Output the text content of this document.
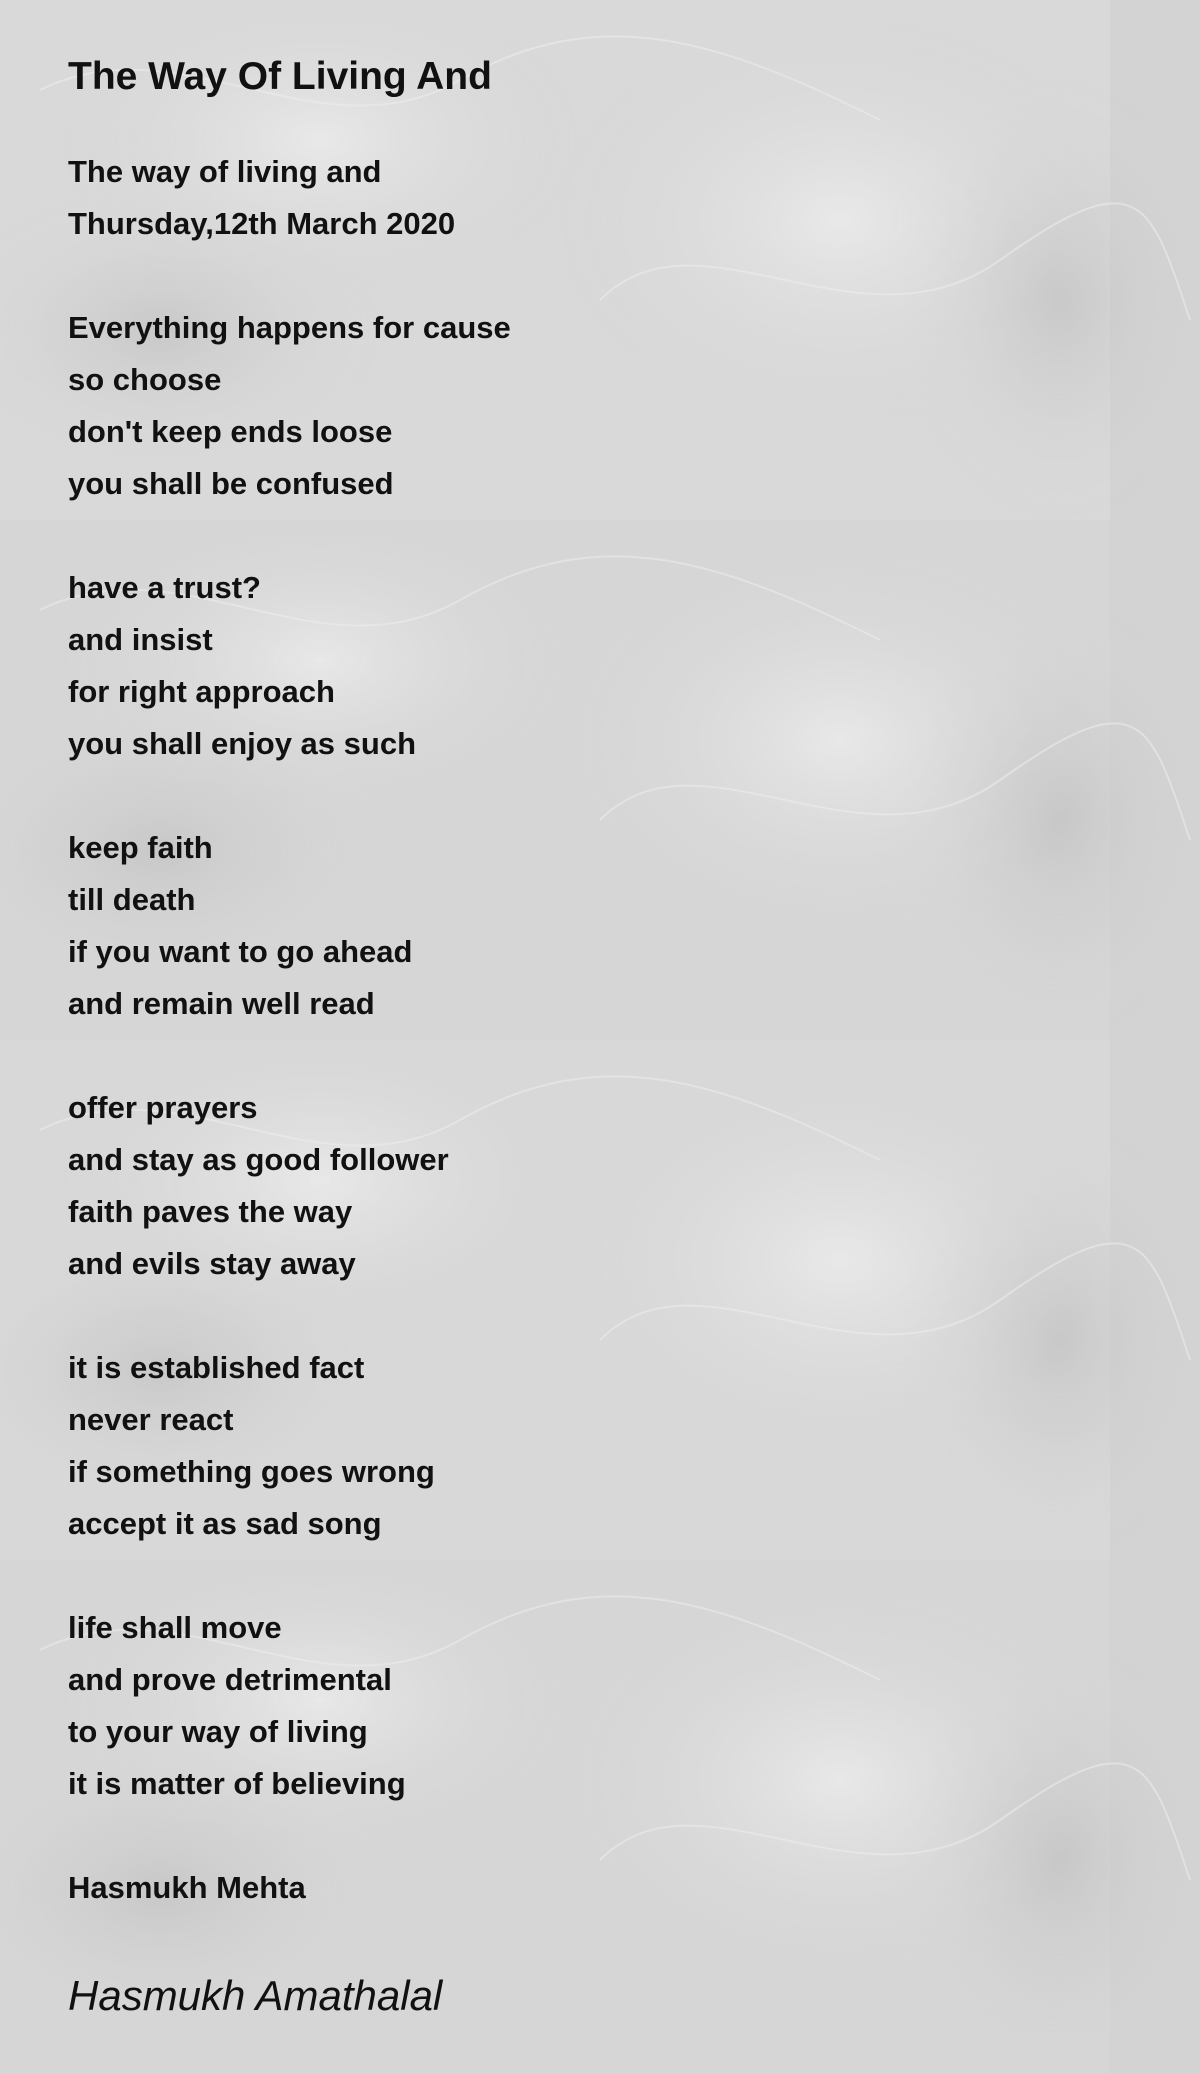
The Way Of Living And
The way of living and
Thursday,12th March 2020
Everything happens for cause
so choose
don't keep ends loose
you shall be confused
have a trust?
and insist
for right approach
you shall enjoy as such
keep faith
till death
if you want to go ahead
and remain well read
offer prayers
and stay as good follower
faith paves the way
and evils stay away
it is established fact
never react
if something goes wrong
accept it as sad song
life shall move
and prove detrimental
to your way of living
it is matter of believing
Hasmukh Mehta
Hasmukh Amathalal
